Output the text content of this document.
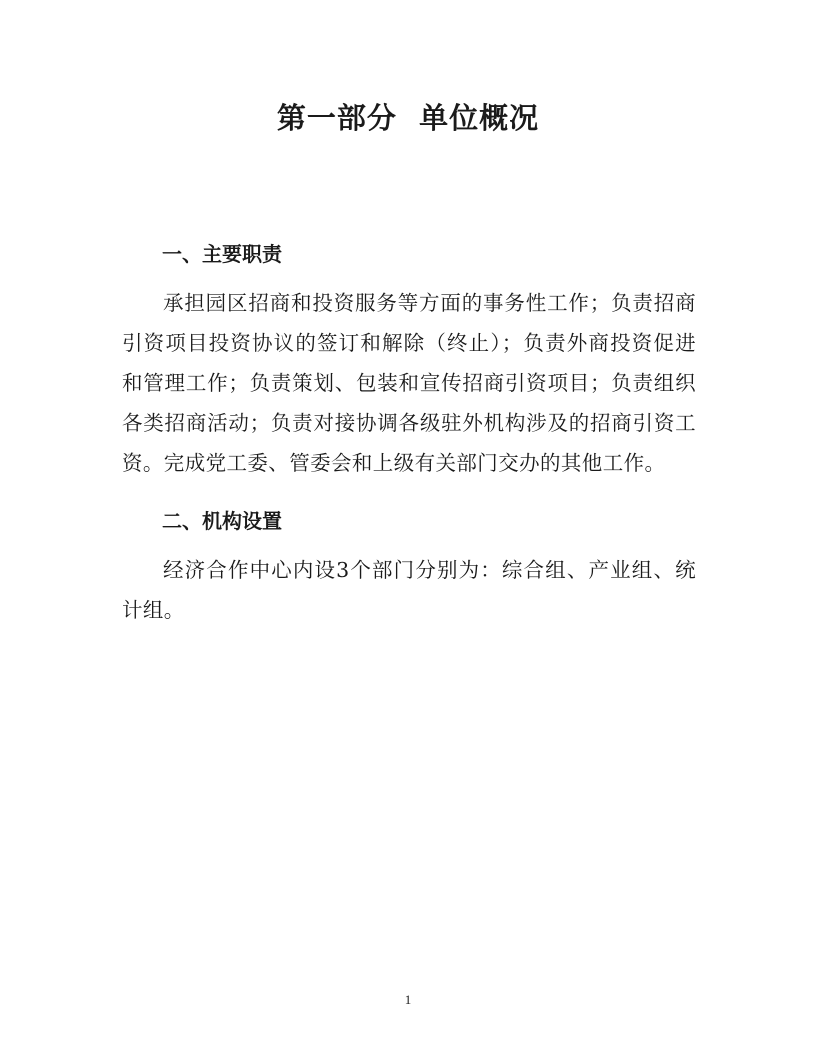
第一部分  单位概况
一、主要职责

承担园区招商和投资服务等方面的事务性工作；负责招商引资项目投资协议的签订和解除（终止）；负责外商投资促进和管理工作；负责策划、包装和宣传招商引资项目；负责组织各类招商活动；负责对接协调各级驻外机构涉及的招商引资工资。完成党工委、管委会和上级有关部门交办的其他工作。

二、机构设置

经济合作中心内设3个部门分别为：综合组、产业组、统计组。

1
